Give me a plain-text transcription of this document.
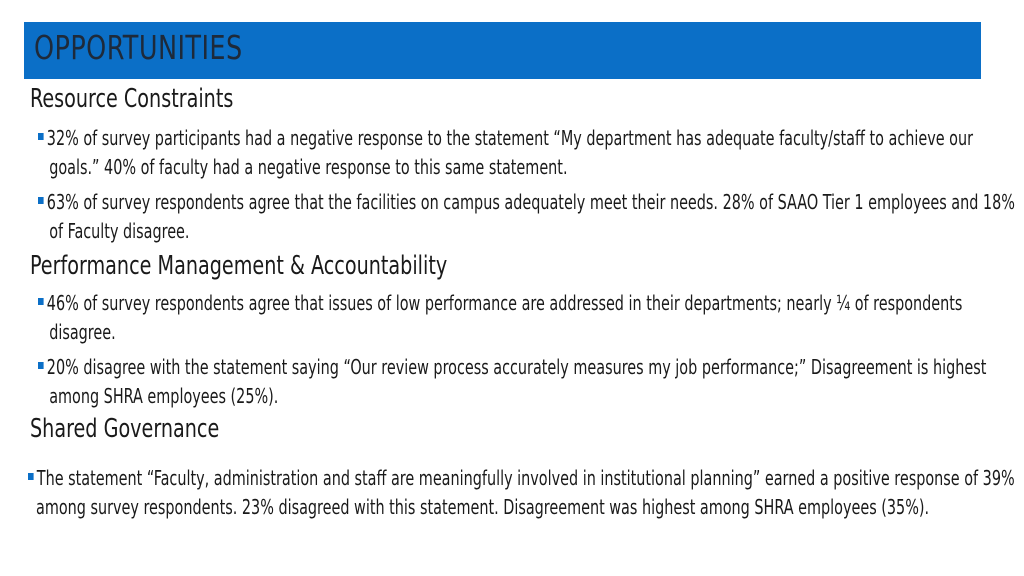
OPPORTUNITIES
Resource Constraints
32% of survey participants had a negative response to the statement “My department has adequate faculty/staff to achieve our goals.” 40% of faculty had a negative response to this same statement.
63% of survey respondents agree that the facilities on campus adequately meet their needs. 28% of SAAO Tier 1 employees and 18% of Faculty disagree.
Performance Management & Accountability
46% of survey respondents agree that issues of low performance are addressed in their departments; nearly ¼ of respondents disagree.
20% disagree with the statement saying “Our review process accurately measures my job performance;” Disagreement is highest among SHRA employees (25%).
Shared Governance
The statement “Faculty, administration and staff are meaningfully involved in institutional planning” earned a positive response of 39% among survey respondents. 23% disagreed with this statement. Disagreement was highest among SHRA employees (35%).
